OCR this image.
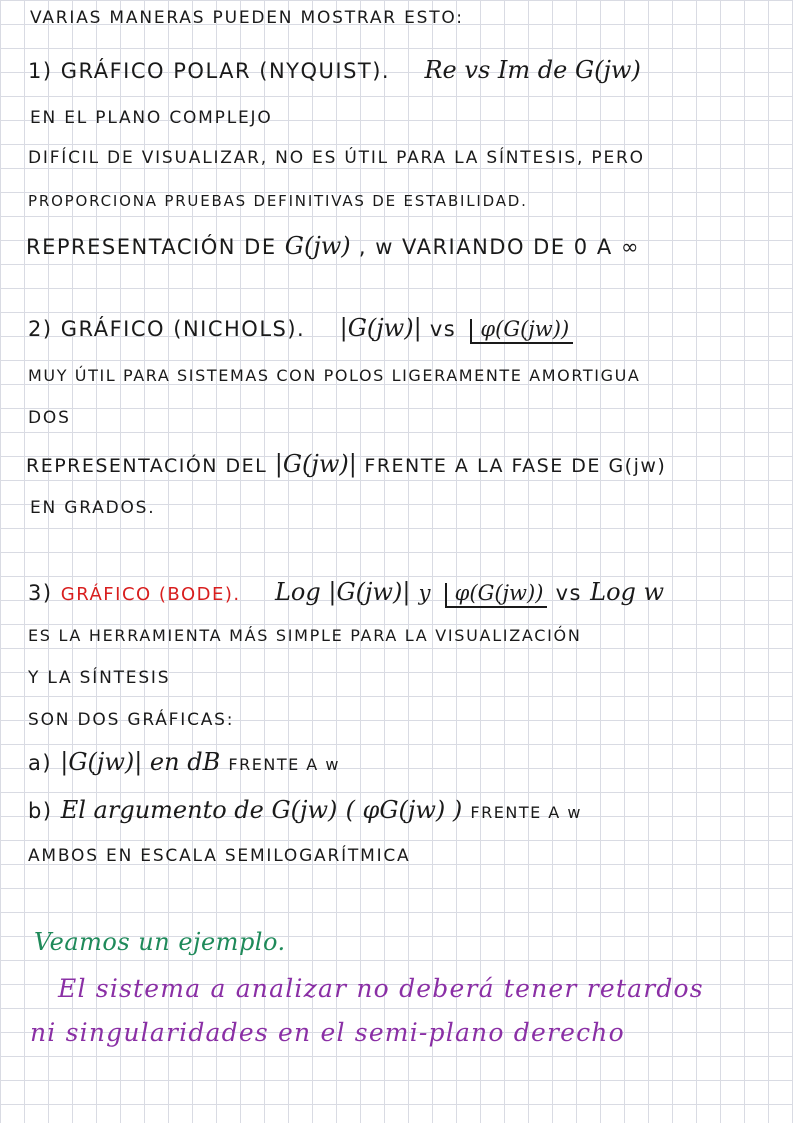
VARIAS MANERAS PUEDEN MOSTRAR ESTO:
1) GRÁFICO POLAR (NYQUIST). Re vs Im de G(jw)
EN EL PLANO COMPLEJO
DIFÍCIL DE VISUALIZAR, NO ES ÚTIL PARA LA SÍNTESIS, PERO
PROPORCIONA PRUEBAS DEFINITIVAS DE ESTABILIDAD.
REPRESENTACIÓN DE G(jw) , w VARIANDO DE 0 A ∞
2) GRÁFICO (NICHOLS). |G(jw)| vs φ(G(jw))
MUY ÚTIL PARA SISTEMAS CON POLOS LIGERAMENTE AMORTIGUA
DOS
REPRESENTACIÓN DEL |G(jw)| FRENTE A LA FASE DE G(jw)
EN GRADOS.
3) GRÁFICO (BODE). Log |G(jw)| y φ(G(jw)) vs Log w
ES LA HERRAMIENTA MÁS SIMPLE PARA LA VISUALIZACIÓN
Y LA SÍNTESIS
SON DOS GRÁFICAS:
a) |G(jw)| en dB FRENTE A w
b) El argumento de G(jw) ( φG(jw) ) FRENTE A w
AMBOS EN ESCALA SEMILOGARÍTMICA
Veamos un ejemplo.
El sistema a analizar no deberá tener retardos
ni singularidades en el semi-plano derecho
